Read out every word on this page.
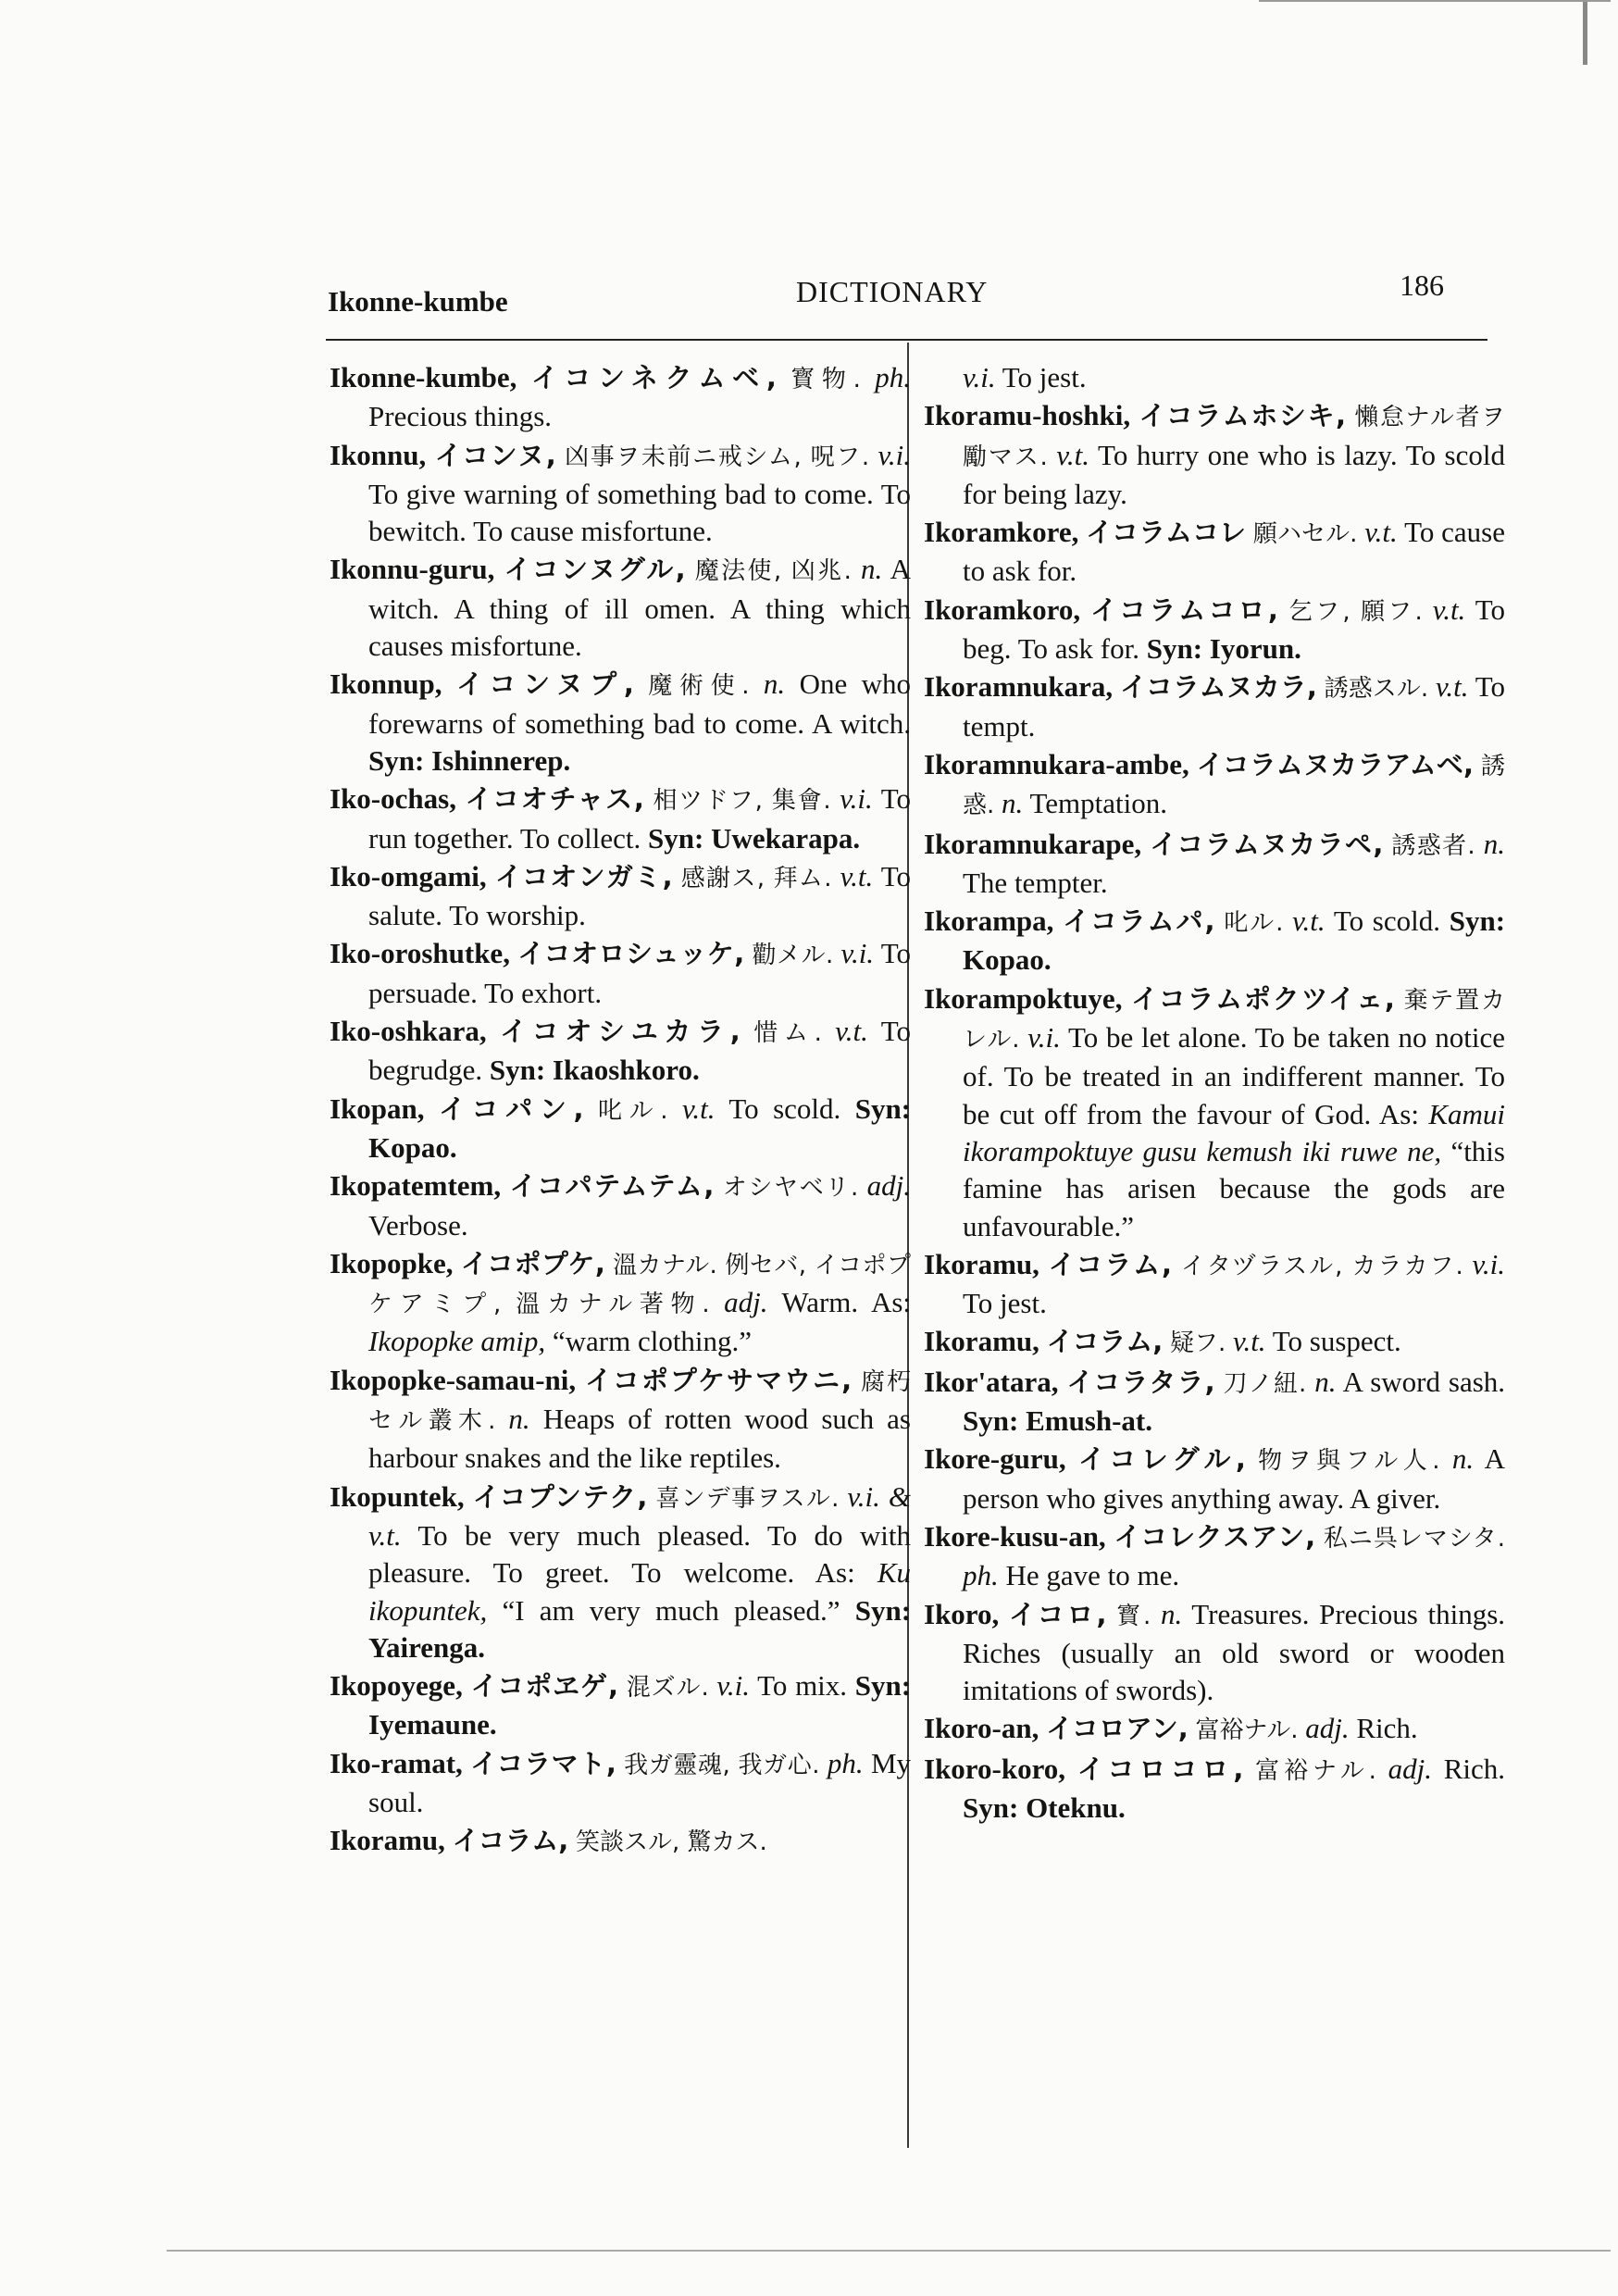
Ikonne-kumbe	DICTIONARY	186

Ikonne-kumbe, イコンネクムベ, 寳物. ph. Precious things.

Ikonnu, イコンヌ, 凶事ヲ未前ニ戒シム, 呪フ. v.i. To give warning of something bad to come. To bewitch. To cause misfortune.

Ikonnu-guru, イコンヌグル, 魔法使, 凶兆. n. A witch. A thing of ill omen. A thing which causes misfortune.

Ikonnup, イコンヌプ, 魔術使. n. One who forewarns of something bad to come. A witch. Syn: Ishinnerep.

Iko-ochas, イコオチャス, 相ツドフ, 集會. v.i. To run together. To collect. Syn: Uwekarapa.

Iko-omgami, イコオンガミ, 感謝ス, 拜ム. v.t. To salute. To worship.

Iko-oroshutke, イコオロシュッケ, 勸メル. v.i. To persuade. To exhort.

Iko-oshkara, イコオシユカラ, 惜ム. v.t. To begrudge. Syn: Ikaoshkoro.

Ikopan, イコパン, 叱ル. v.t. To scold. Syn: Kopao.

Ikopatemtem, イコパテムテム, オシヤベリ. adj. Verbose.

Ikopopke, イコポプケ, 溫カナル. 例セバ, イコポプケアミプ, 溫カナル著物. adj. Warm. As: Ikopopke amip, “warm clothing.”

Ikopopke-samau-ni, イコポプケサマウニ, 腐朽セル叢木. n. Heaps of rotten wood such as harbour snakes and the like reptiles.

Ikopuntek, イコプンテク, 喜ンデ事ヲスル. v.i. & v.t. To be very much pleased. To do with pleasure. To greet. To welcome. As: Ku ikopuntek, “I am very much pleased.” Syn: Yairenga.

Ikopoyege, イコポヱゲ, 混ズル. v.i. To mix. Syn: Iyemaune.

Iko-ramat, イコラマト, 我ガ靈魂, 我ガ心. ph. My soul.

Ikoramu, イコラム, 笑談スル, 驚カス.

v.i. To jest.

Ikoramu-hoshki, イコラムホシキ, 懶怠ナル者ヲ勵マス. v.t. To hurry one who is lazy. To scold for being lazy.

Ikoramkore, イコラムコレ 願ハセル. v.t. To cause to ask for.

Ikoramkoro, イコラムコロ, 乞フ, 願フ. v.t. To beg. To ask for. Syn: Iyorun.

Ikoramnukara, イコラムヌカラ, 誘惑スル. v.t. To tempt.

Ikoramnukara-ambe, イコラムヌカラアムベ, 誘惑. n. Temptation.

Ikoramnukarape, イコラムヌカラペ, 誘惑者. n. The tempter.

Ikorampa, イコラムパ, 叱ル. v.t. To scold. Syn: Kopao.

Ikorampoktuye, イコラムポクツイェ, 棄テ置カレル. v.i. To be let alone. To be taken no notice of. To be treated in an indifferent manner. To be cut off from the favour of God. As: Kamui ikorampoktuye gusu kemush iki ruwe ne, “this famine has arisen because the gods are unfavourable.”

Ikoramu, イコラム, イタヅラスル, カラカフ. v.i. To jest.

Ikoramu, イコラム, 疑フ. v.t. To suspect.

Ikor'atara, イコラタラ, 刀ノ紐. n. A sword sash. Syn: Emush-at.

Ikore-guru, イコレグル, 物ヲ與フル人. n. A person who gives anything away. A giver.

Ikore-kusu-an, イコレクスアン, 私ニ呉レマシタ. ph. He gave to me.

Ikoro, イコロ, 寳. n. Treasures. Precious things. Riches (usually an old sword or wooden imitations of swords).

Ikoro-an, イコロアン, 富裕ナル. adj. Rich.

Ikoro-koro, イコロコロ, 富裕ナル. adj. Rich. Syn: Oteknu.
